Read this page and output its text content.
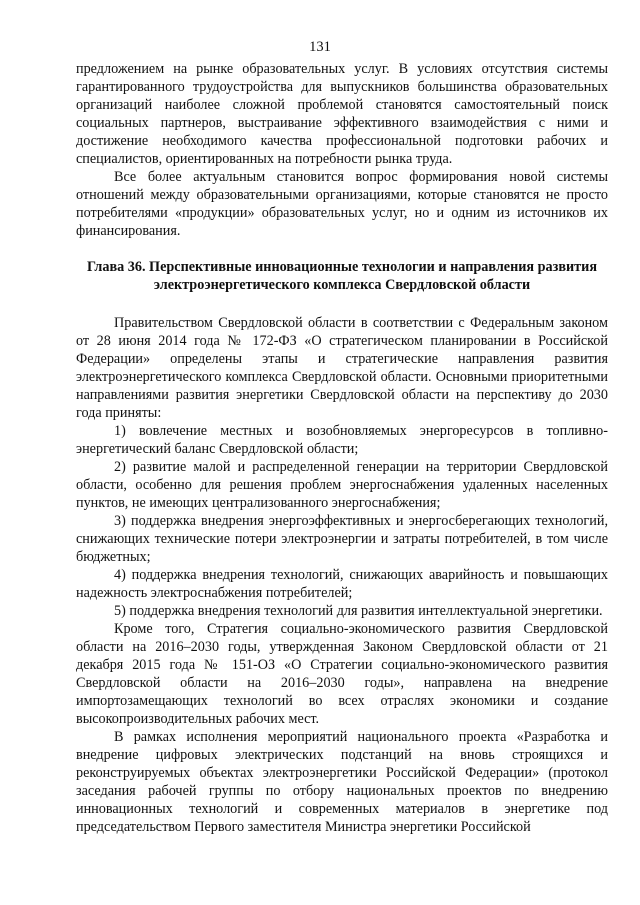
131

предложением на рынке образовательных услуг. В условиях отсутствия системы гарантированного трудоустройства для выпускников большинства образовательных организаций наиболее сложной проблемой становятся самостоятельный поиск социальных партнеров, выстраивание эффективного взаимодействия с ними и достижение необходимого качества профессиональной подготовки рабочих и специалистов, ориентированных на потребности рынка труда.

Все более актуальным становится вопрос формирования новой системы отношений между образовательными организациями, которые становятся не просто потребителями «продукции» образовательных услуг, но и одним из источников их финансирования.

Глава 36. Перспективные инновационные технологии и направления развития электроэнергетического комплекса Свердловской области

Правительством Свердловской области в соответствии с Федеральным законом от 28 июня 2014 года № 172-ФЗ «О стратегическом планировании в Российской Федерации» определены этапы и стратегические направления развития электроэнергетического комплекса Свердловской области. Основными приоритетными направлениями развития энергетики Свердловской области на перспективу до 2030 года приняты:

1) вовлечение местных и возобновляемых энергоресурсов в топливно-энергетический баланс Свердловской области;

2) развитие малой и распределенной генерации на территории Свердловской области, особенно для решения проблем энергоснабжения удаленных населенных пунктов, не имеющих централизованного энергоснабжения;

3) поддержка внедрения энергоэффективных и энергосберегающих технологий, снижающих технические потери электроэнергии и затраты потребителей, в том числе бюджетных;

4) поддержка внедрения технологий, снижающих аварийность и повышающих надежность электроснабжения потребителей;

5) поддержка внедрения технологий для развития интеллектуальной энергетики.

Кроме того, Стратегия социально-экономического развития Свердловской области на 2016–2030 годы, утвержденная Законом Свердловской области от 21 декабря 2015 года № 151-ОЗ «О Стратегии социально-экономического развития Свердловской области на 2016–2030 годы», направлена на внедрение импортозамещающих технологий во всех отраслях экономики и создание высокопроизводительных рабочих мест.

В рамках исполнения мероприятий национального проекта «Разработка и внедрение цифровых электрических подстанций на вновь строящихся и реконструируемых объектах электроэнергетики Российской Федерации» (протокол заседания рабочей группы по отбору национальных проектов по внедрению инновационных технологий и современных материалов в энергетике под председательством Первого заместителя Министра энергетики Российской
